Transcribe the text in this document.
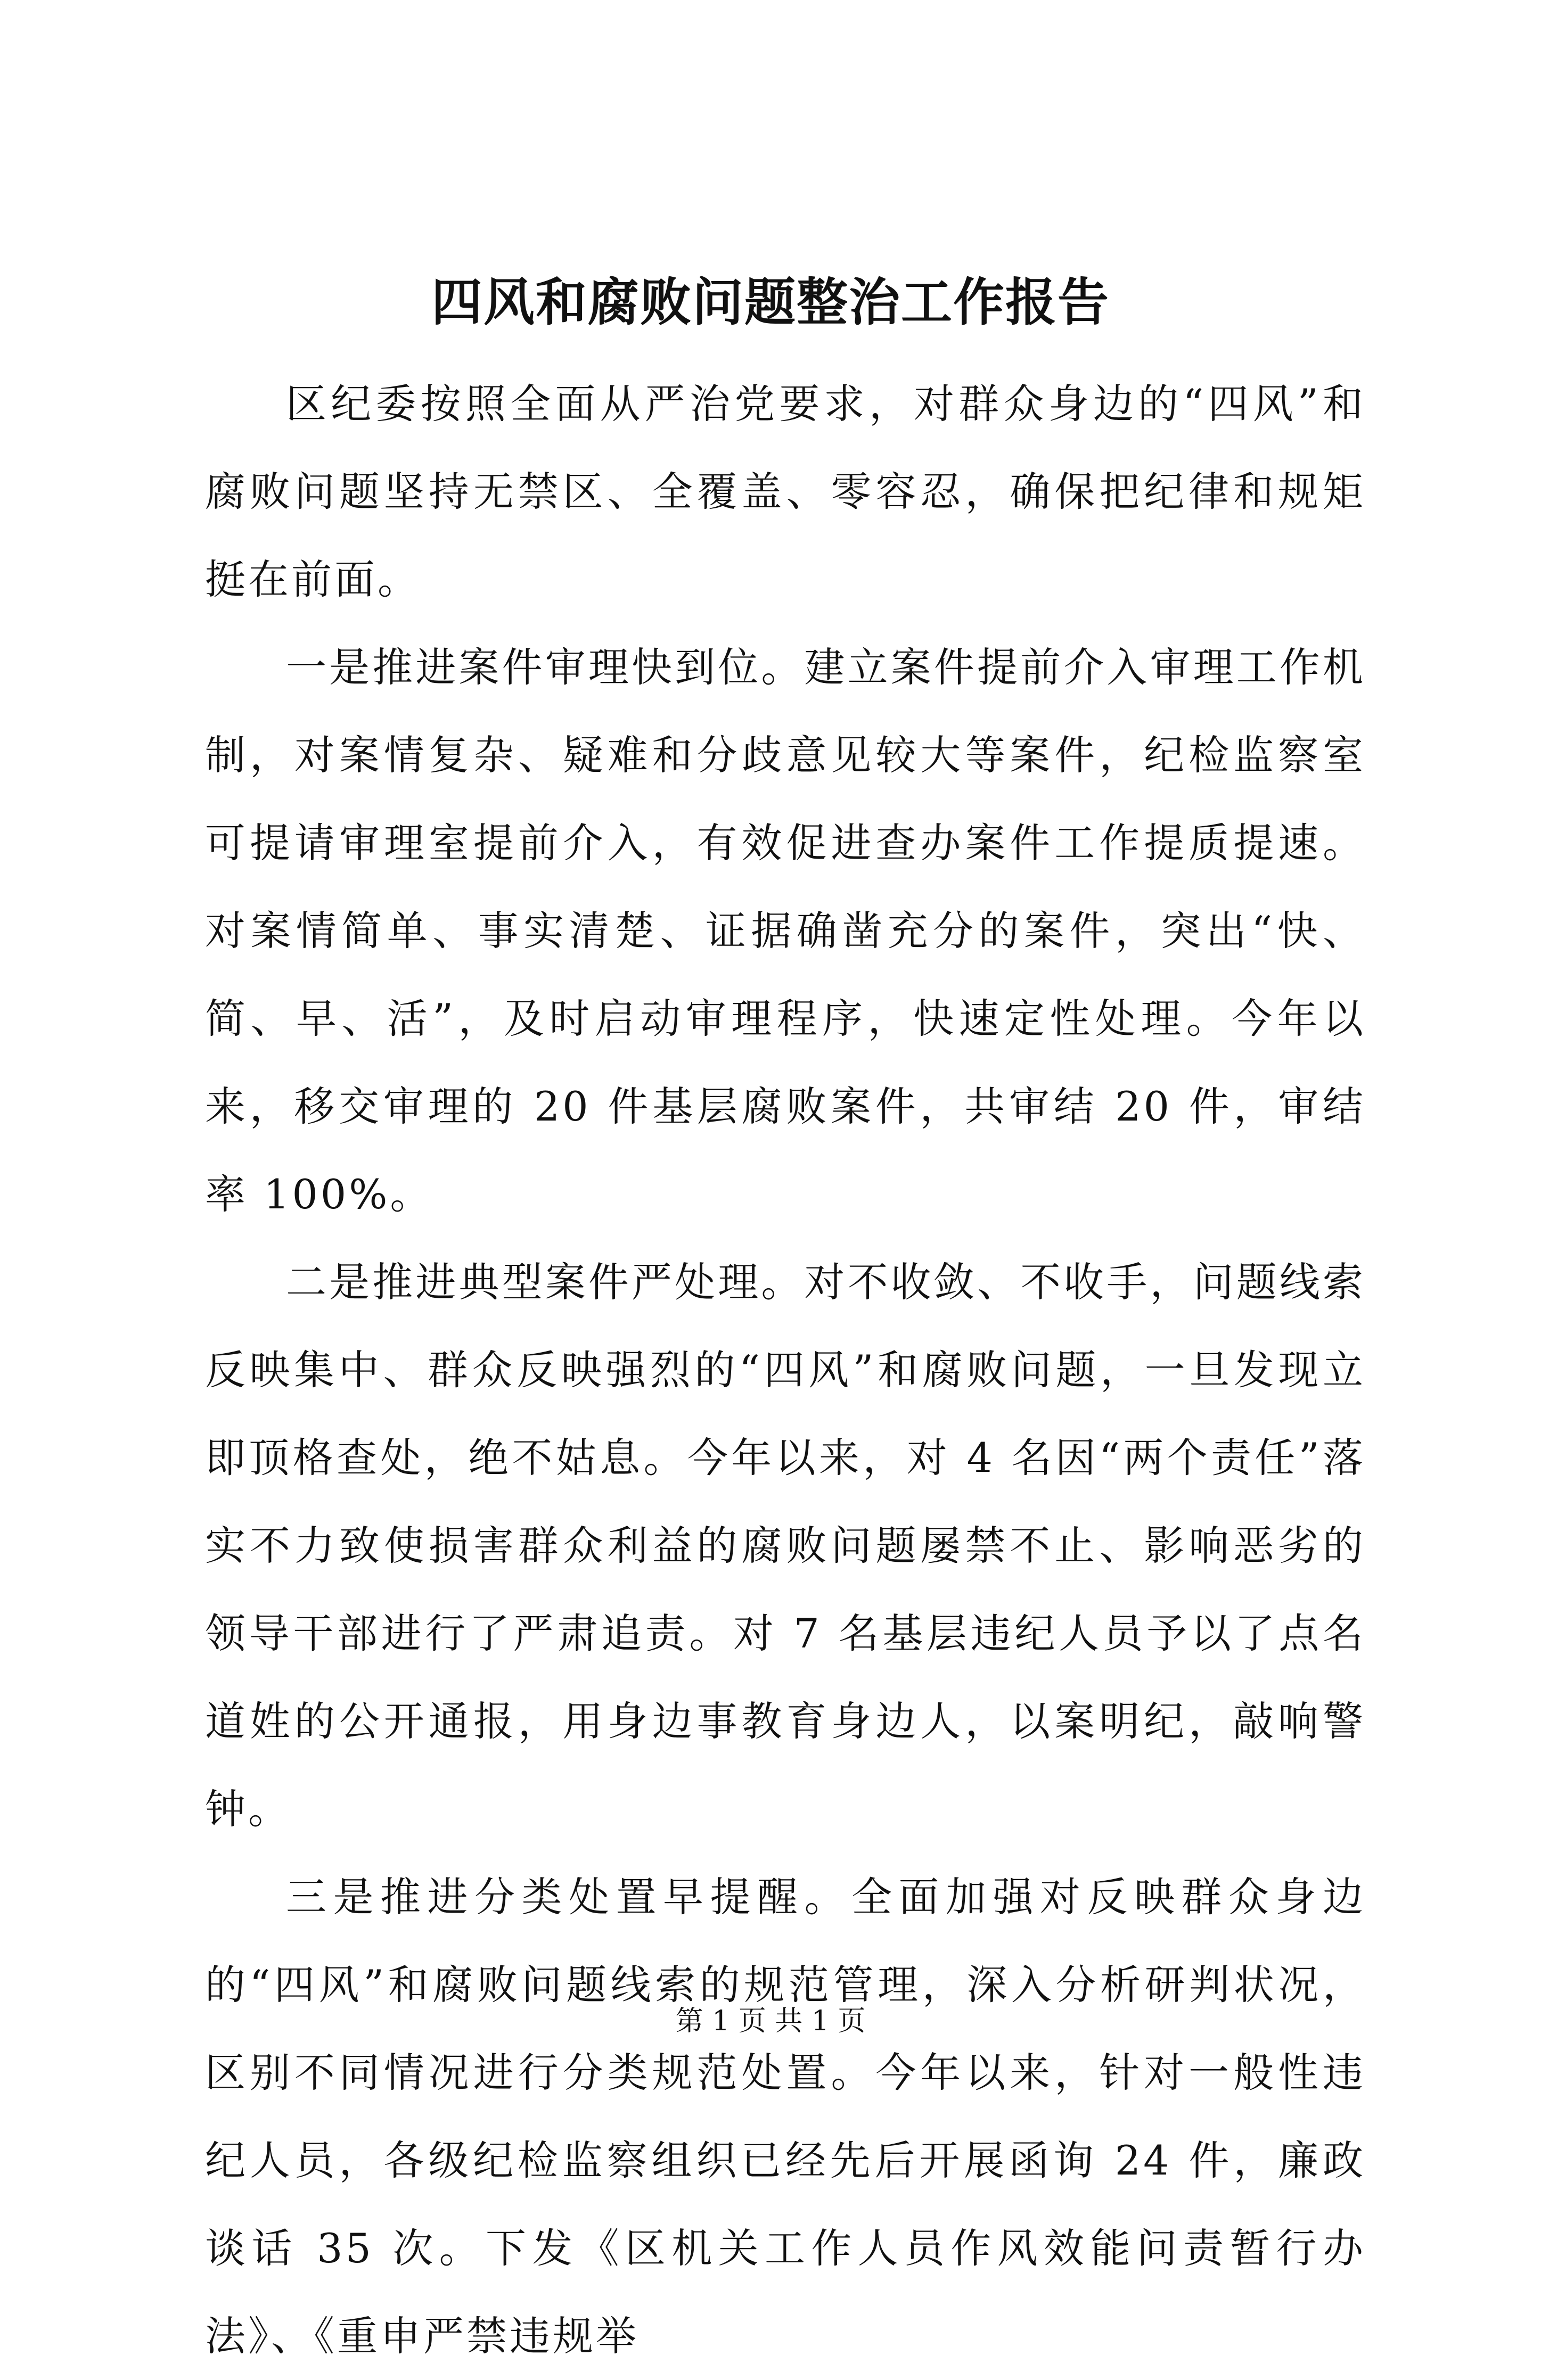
四风和腐败问题整治工作报告

区纪委按照全面从严治党要求，对群众身边的“四风”和腐败问题坚持无禁区、全覆盖、零容忍，确保把纪律和规矩挺在前面。

一是推进案件审理快到位。建立案件提前介入审理工作机制，对案情复杂、疑难和分歧意见较大等案件，纪检监察室可提请审理室提前介入，有效促进查办案件工作提质提速。对案情简单、事实清楚、证据确凿充分的案件，突出“快、简、早、活”，及时启动审理程序，快速定性处理。今年以来，移交审理的 20 件基层腐败案件，共审结 20 件，审结率 100%。

二是推进典型案件严处理。对不收敛、不收手，问题线索反映集中、群众反映强烈的“四风”和腐败问题，一旦发现立即顶格查处，绝不姑息。今年以来，对 4 名因“两个责任”落实不力致使损害群众利益的腐败问题屡禁不止、影响恶劣的领导干部进行了严肃追责。对 7 名基层违纪人员予以了点名道姓的公开通报，用身边事教育身边人，以案明纪，敲响警钟。

三是推进分类处置早提醒。全面加强对反映群众身边的“四风”和腐败问题线索的规范管理，深入分析研判状况，区别不同情况进行分类规范处置。今年以来，针对一般性违纪人员，各级纪检监察组织已经先后开展函询 24 件，廉政谈话 35 次。下发《区机关工作人员作风效能问责暂行办法》、《重申严禁违规举

第 1 页 共 1 页
